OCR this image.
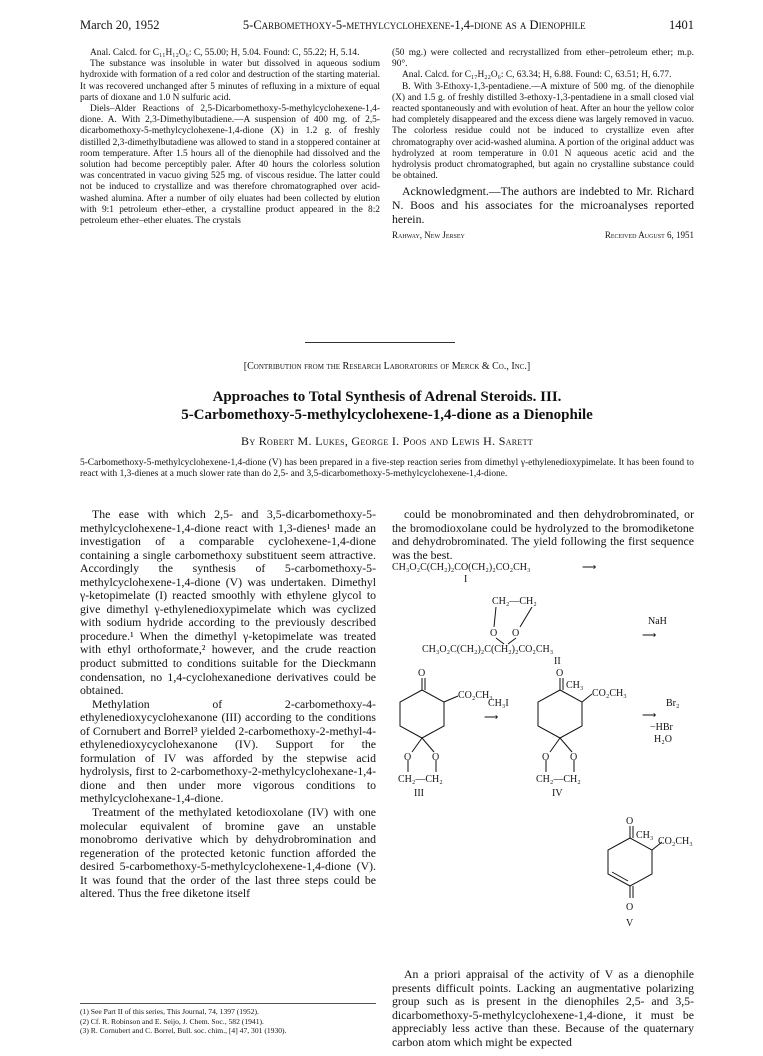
March 20, 1952	5-Carbomethoxy-5-methylcyclohexene-1,4-dione as a Dienophile	1401

Anal. Calcd. for C₁₁H₁₂O₆: C, 55.00; H, 5.04. Found: C, 55.22; H, 5.14.

The substance was insoluble in water but dissolved in aqueous sodium hydroxide with formation of a red color and destruction of the starting material. It was recovered unchanged after 5 minutes of refluxing in a mixture of equal parts of dioxane and 1.0 N sulfuric acid.

Diels–Alder Reactions of 2,5-Dicarbomethoxy-5-methylcyclohexene-1,4-dione. A. With 2,3-Dimethylbutadiene.—A suspension of 400 mg. of 2,5-dicarbomethoxy-5-methylcyclohexene-1,4-dione (X) in 1.2 g. of freshly distilled 2,3-dimethylbutadiene was allowed to stand in a stoppered container at room temperature. After 1.5 hours all of the dienophile had dissolved and the solution had become perceptibly paler. After 40 hours the colorless solution was concentrated in vacuo giving 525 mg. of viscous residue. The latter could not be induced to crystallize and was therefore chromatographed over acid-washed alumina. After a number of oily eluates had been collected by elution with 9:1 petroleum ether–ether, a crystalline product appeared in the 8:2 petroleum ether–ether eluates. The crystals

(50 mg.) were collected and recrystallized from ether–petroleum ether; m.p. 90°.

Anal. Calcd. for C₁₇H₂₂O₆: C, 63.34; H, 6.88. Found: C, 63.51; H, 6.77.

B. With 3-Ethoxy-1,3-pentadiene.—A mixture of 500 mg. of the dienophile (X) and 1.5 g. of freshly distilled 3-ethoxy-1,3-pentadiene in a small closed vial reacted spontaneously and with evolution of heat. After an hour the yellow color had completely disappeared and the excess diene was largely removed in vacuo. The colorless residue could not be induced to crystallize even after chromatography over acid-washed alumina. A portion of the original adduct was hydrolyzed at room temperature in 0.01 N aqueous acetic acid and the hydrolysis product chromatographed, but again no crystalline substance could be obtained.

Acknowledgment.—The authors are indebted to Mr. Richard N. Boos and his associates for the microanalyses reported herein.

Rahway, New Jersey	Received August 6, 1951
[Contribution from the Research Laboratories of Merck & Co., Inc.]
Approaches to Total Synthesis of Adrenal Steroids. III.
5-Carbomethoxy-5-methylcyclohexene-1,4-dione as a Dienophile
By Robert M. Lukes, George I. Poos and Lewis H. Sarett
5-Carbomethoxy-5-methylcyclohexene-1,4-dione (V) has been prepared in a five-step reaction series from dimethyl γ-ethylenedioxypimelate. It has been found to react with 1,3-dienes at a much slower rate than do 2,5- and 3,5-dicarbomethoxy-5-methylcyclohexene-1,4-dione.

The ease with which 2,5- and 3,5-dicarbomethoxy-5-methylcyclohexene-1,4-dione react with 1,3-dienes¹ made an investigation of a comparable cyclohexene-1,4-dione containing a single carbomethoxy substituent seem attractive. Accordingly the synthesis of 5-carbomethoxy-5-methylcyclohexene-1,4-dione (V) was undertaken. Dimethyl γ-ketopimelate (I) reacted smoothly with ethylene glycol to give dimethyl γ-ethylenedioxypimelate which was cyclized with sodium hydride according to the previously described procedure.¹ When the dimethyl γ-ketopimelate was treated with ethyl orthoformate,² however, and the crude reaction product submitted to conditions suitable for the Dieckmann condensation, no 1,4-cyclohexanedione derivatives could be obtained.

Methylation of 2-carbomethoxy-4-ethylenedioxycyclohexanone (III) according to the conditions of Cornubert and Borrel³ yielded 2-carbomethoxy-2-methyl-4-ethylenedioxycyclohexanone (IV). Support for the formulation of IV was afforded by the stepwise acid hydrolysis, first to 2-carbomethoxy-2-methylcyclohexane-1,4-dione and then under more vigorous conditions to methylcyclohexane-1,4-dione.

Treatment of the methylated ketodioxolane (IV) with one molecular equivalent of bromine gave an unstable monobromo derivative which by dehydrobromination and regeneration of the protected ketonic function afforded the desired 5-carbomethoxy-5-methylcyclohexene-1,4-dione (V). It was found that the order of the last three steps could be altered. Thus the free diketone itself

(1) See Part II of this series, This Journal, 74, 1397 (1952).
(2) Cf. R. Robinson and E. Seijo, J. Chem. Soc., 582 (1941).
(3) R. Cornubert and C. Borrel, Bull. soc. chim., [4] 47, 301 (1930).

could be monobrominated and then dehydrobrominated, or the bromodioxolane could be hydrolyzed to the bromodiketone and dehydrobrominated. The yield following the first sequence was the best.

CH₃O₂C(CH₂)₂CO(CH₂)₂CO₂CH₃	⟶
I
CH₂—CH₂
O O
NaH
⟶
CH₃O₂C(CH₂)₂C(CH₂)₂CO₂CH₃
II
O
CO₂CH₃
O O
CH₂—CH₂
III
CH₃I
⟶
O
CH₃
CO₂CH₃
O O
CH₂—CH₂
IV
Br₂
⟶
−HBr
H₂O
O
CH₃
CO₂CH₃
O
V

An a priori appraisal of the activity of V as a dienophile presents difficult points. Lacking an augmentative polarizing group such as is present in the dienophiles 2,5- and 3,5-dicarbomethoxy-5-methylcyclohexene-1,4-dione, it must be appreciably less active than these. Because of the quaternary carbon atom which might be expected
